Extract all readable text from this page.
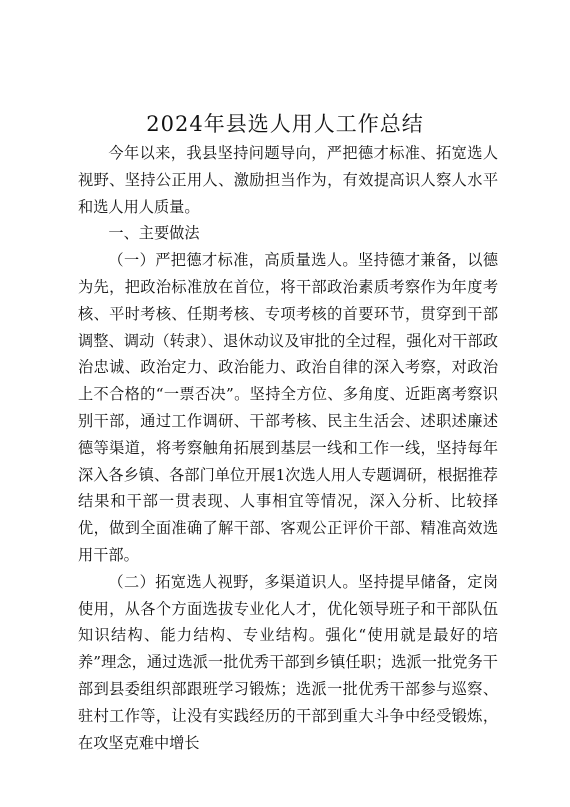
2024年县选人用人工作总结

今年以来，我县坚持问题导向，严把德才标准、拓宽选人视野、坚持公正用人、激励担当作为，有效提高识人察人水平和选人用人质量。

一、主要做法

（一）严把德才标准，高质量选人。坚持德才兼备，以德为先，把政治标准放在首位，将干部政治素质考察作为年度考核、平时考核、任期考核、专项考核的首要环节，贯穿到干部调整、调动（转隶）、退休动议及审批的全过程，强化对干部政治忠诚、政治定力、政治能力、政治自律的深入考察，对政治上不合格的“一票否决”。坚持全方位、多角度、近距离考察识别干部，通过工作调研、干部考核、民主生活会、述职述廉述德等渠道，将考察触角拓展到基层一线和工作一线，坚持每年深入各乡镇、各部门单位开展1次选人用人专题调研，根据推荐结果和干部一贯表现、人事相宜等情况，深入分析、比较择优，做到全面准确了解干部、客观公正评价干部、精准高效选用干部。

（二）拓宽选人视野，多渠道识人。坚持提早储备，定岗使用，从各个方面选拔专业化人才，优化领导班子和干部队伍知识结构、能力结构、专业结构。强化“使用就是最好的培养”理念，通过选派一批优秀干部到乡镇任职；选派一批党务干部到县委组织部跟班学习锻炼；选派一批优秀干部参与巡察、驻村工作等，让没有实践经历的干部到重大斗争中经受锻炼，在攻坚克难中增长
